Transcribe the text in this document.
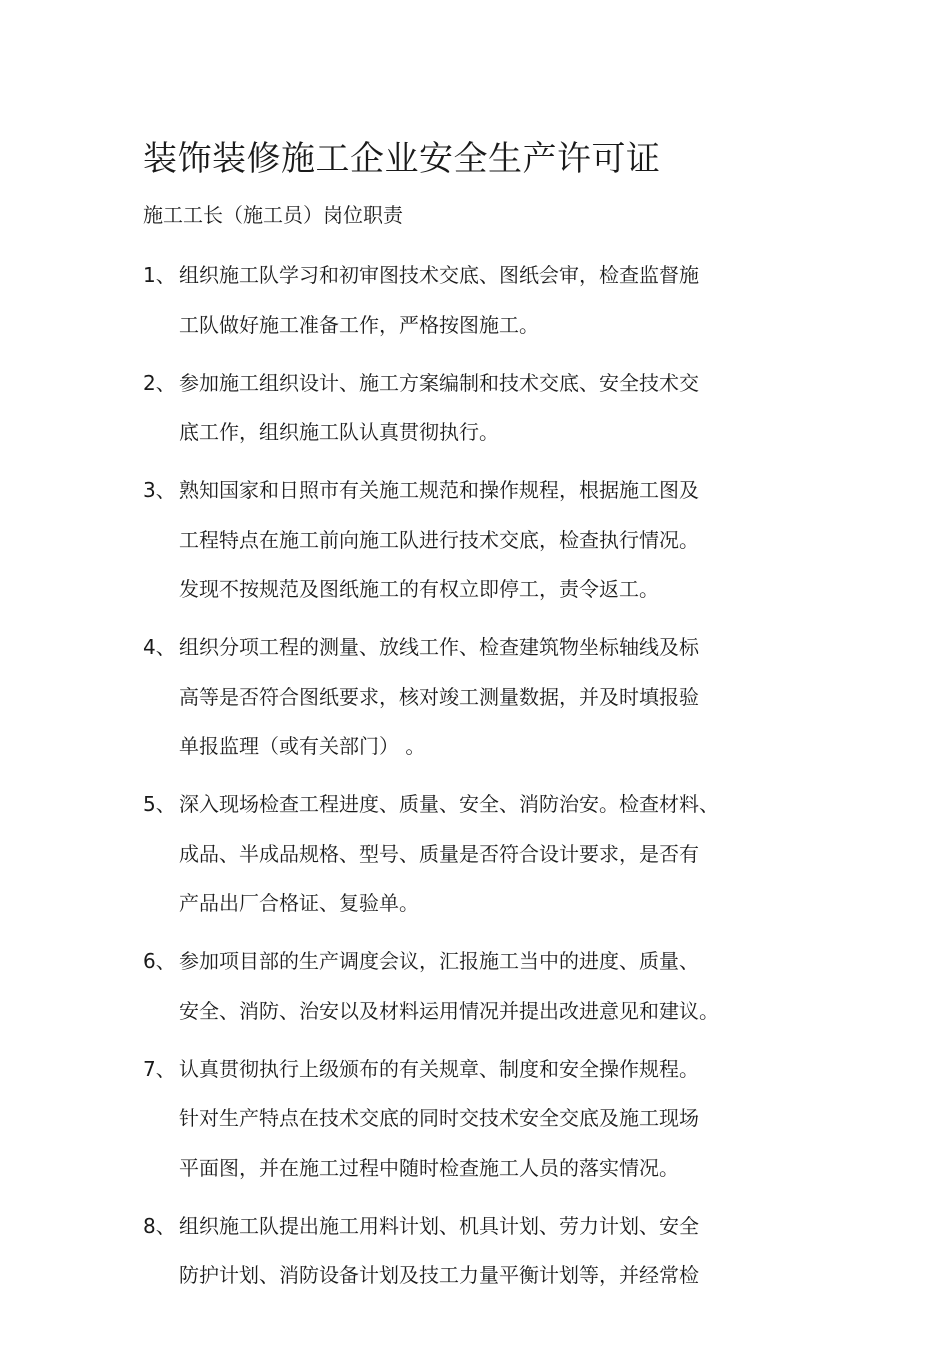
装饰装修施工企业安全生产许可证
施工工长（施工员）岗位职责
1、 组织施工队学习和初审图技术交底、图纸会审，检查监督施
工队做好施工准备工作，严格按图施工。
2、 参加施工组织设计、施工方案编制和技术交底、安全技术交
底工作，组织施工队认真贯彻执行。
3、 熟知国家和日照市有关施工规范和操作规程，根据施工图及
工程特点在施工前向施工队进行技术交底，检查执行情况。
发现不按规范及图纸施工的有权立即停工，责令返工。
4、 组织分项工程的测量、放线工作、检查建筑物坐标轴线及标
高等是否符合图纸要求，核对竣工测量数据，并及时填报验
单报监理（或有关部门） 。
5、 深入现场检查工程进度、质量、安全、消防治安。检查材料、
成品、半成品规格、型号、质量是否符合设计要求，是否有
产品出厂合格证、复验单。
6、 参加项目部的生产调度会议，汇报施工当中的进度、质量、
安全、消防、治安以及材料运用情况并提出改进意见和建议。
7、 认真贯彻执行上级颁布的有关规章、制度和安全操作规程。
针对生产特点在技术交底的同时交技术安全交底及施工现场
平面图，并在施工过程中随时检查施工人员的落实情况。
8、 组织施工队提出施工用料计划、机具计划、劳力计划、安全
防护计划、消防设备计划及技工力量平衡计划等，并经常检
